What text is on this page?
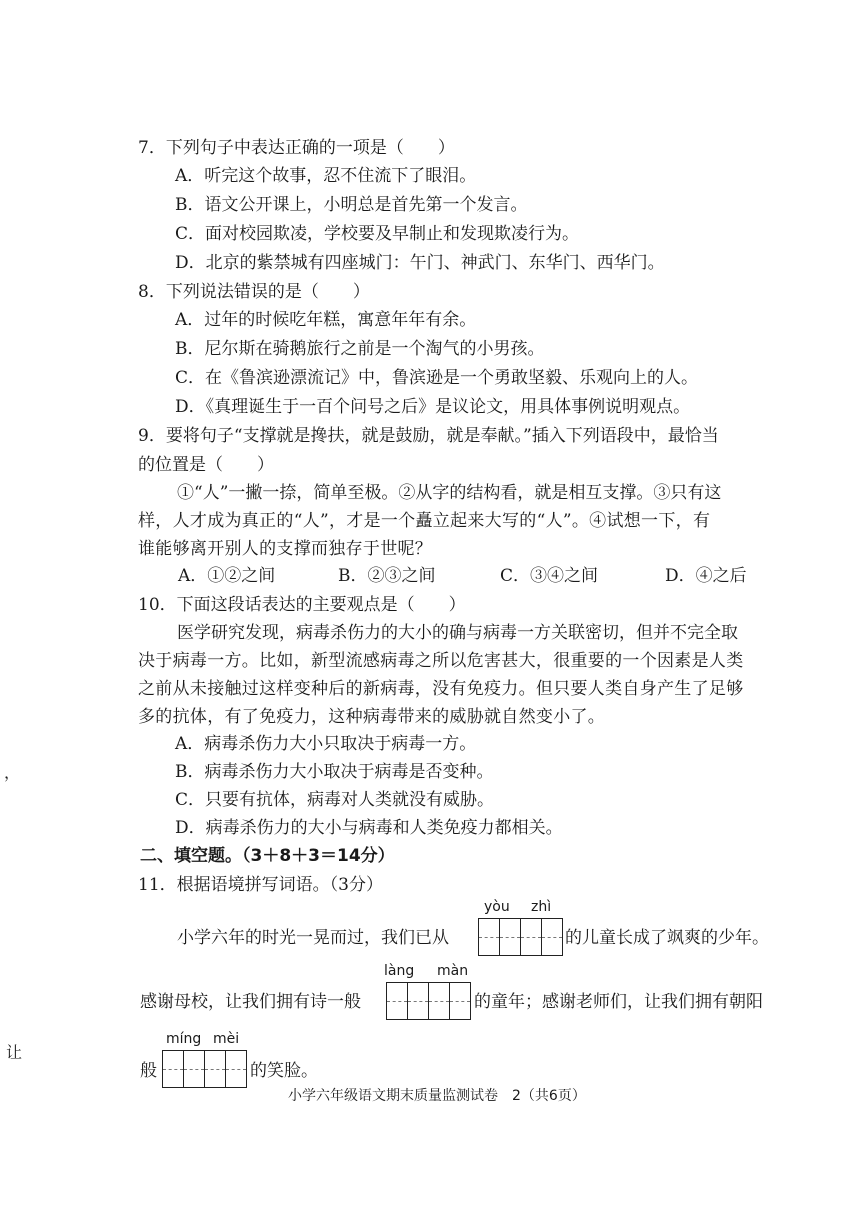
7．下列句子中表达正确的一项是（　　）
A．听完这个故事，忍不住流下了眼泪。
B．语文公开课上，小明总是首先第一个发言。
C．面对校园欺凌，学校要及早制止和发现欺凌行为。
D．北京的紫禁城有四座城门：午门、神武门、东华门、西华门。
8．下列说法错误的是（　　）
A．过年的时候吃年糕，寓意年年有余。
B．尼尔斯在骑鹅旅行之前是一个淘气的小男孩。
C．在《鲁滨逊漂流记》中，鲁滨逊是一个勇敢坚毅、乐观向上的人。
D．《真理诞生于一百个问号之后》是议论文，用具体事例说明观点。
9．要将句子“支撑就是搀扶，就是鼓励，就是奉献。”插入下列语段中，最恰当
的位置是（　　）
①“人”一撇一捺，简单至极。②从字的结构看，就是相互支撑。③只有这
样，人才成为真正的“人”，才是一个矗立起来大写的“人”。④试想一下，有
谁能够离开别人的支撑而独存于世呢？
A．①②之间	B．②③之间	C．③④之间	D．④之后
10．下面这段话表达的主要观点是（　　）
医学研究发现，病毒杀伤力的大小的确与病毒一方关联密切，但并不完全取
决于病毒一方。比如，新型流感病毒之所以危害甚大，很重要的一个因素是人类
之前从未接触过这样变种后的新病毒，没有免疫力。但只要人类自身产生了足够
多的抗体，有了免疫力，这种病毒带来的威胁就自然变小了。
A．病毒杀伤力大小只取决于病毒一方。
B．病毒杀伤力大小取决于病毒是否变种。
C．只要有抗体，病毒对人类就没有威胁。
D．病毒杀伤力的大小与病毒和人类免疫力都相关。
二、填空题。（3＋8＋3＝14分）
11．根据语境拼写词语。（3分）
yòu zhì
小学六年的时光一晃而过，我们已从	的儿童长成了飒爽的少年。
làng màn
感谢母校，让我们拥有诗一般	的童年；感谢老师们，让我们拥有朝阳
míng mèi
般	的笑脸。
，
让
小学六年级语文期末质量监测试卷　2（共6页）
